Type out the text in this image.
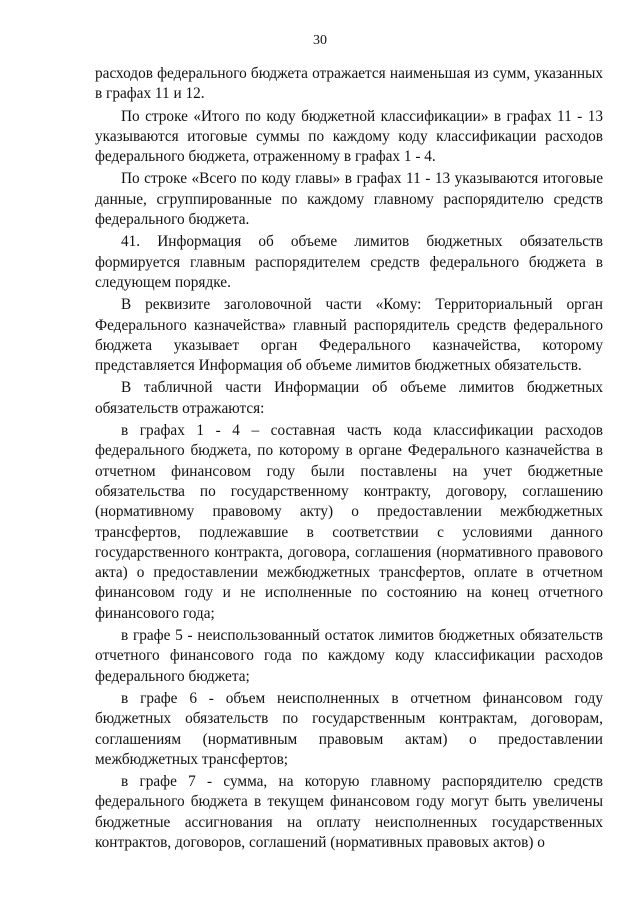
30

расходов федерального бюджета отражается наименьшая из сумм, указанных в графах 11 и 12.

По строке «Итого по коду бюджетной классификации» в графах 11 - 13 указываются итоговые суммы по каждому коду классификации расходов федерального бюджета, отраженному в графах 1 - 4.

По строке «Всего по коду главы» в графах 11 - 13 указываются итоговые данные, сгруппированные по каждому главному распорядителю средств федерального бюджета.

41. Информация об объеме лимитов бюджетных обязательств формируется главным распорядителем средств федерального бюджета в следующем порядке.

В реквизите заголовочной части «Кому: Территориальный орган Федерального казначейства» главный распорядитель средств федерального бюджета указывает орган Федерального казначейства, которому представляется Информация об объеме лимитов бюджетных обязательств.

В табличной части Информации об объеме лимитов бюджетных обязательств отражаются:

в графах 1 - 4 – составная часть кода классификации расходов федерального бюджета, по которому в органе Федерального казначейства в отчетном финансовом году были поставлены на учет бюджетные обязательства по государственному контракту, договору, соглашению (нормативному правовому акту) о предоставлении межбюджетных трансфертов, подлежавшие в соответствии с условиями данного государственного контракта, договора, соглашения (нормативного правового акта) о предоставлении межбюджетных трансфертов, оплате в отчетном финансовом году и не исполненные по состоянию на конец отчетного финансового года;

в графе 5 - неиспользованный остаток лимитов бюджетных обязательств отчетного финансового года по каждому коду классификации расходов федерального бюджета;

в графе 6 - объем неисполненных в отчетном финансовом году бюджетных обязательств по государственным контрактам, договорам, соглашениям (нормативным правовым актам) о предоставлении межбюджетных трансфертов;

в графе 7 - сумма, на которую главному распорядителю средств федерального бюджета в текущем финансовом году могут быть увеличены бюджетные ассигнования на оплату неисполненных государственных контрактов, договоров, соглашений (нормативных правовых актов) о
